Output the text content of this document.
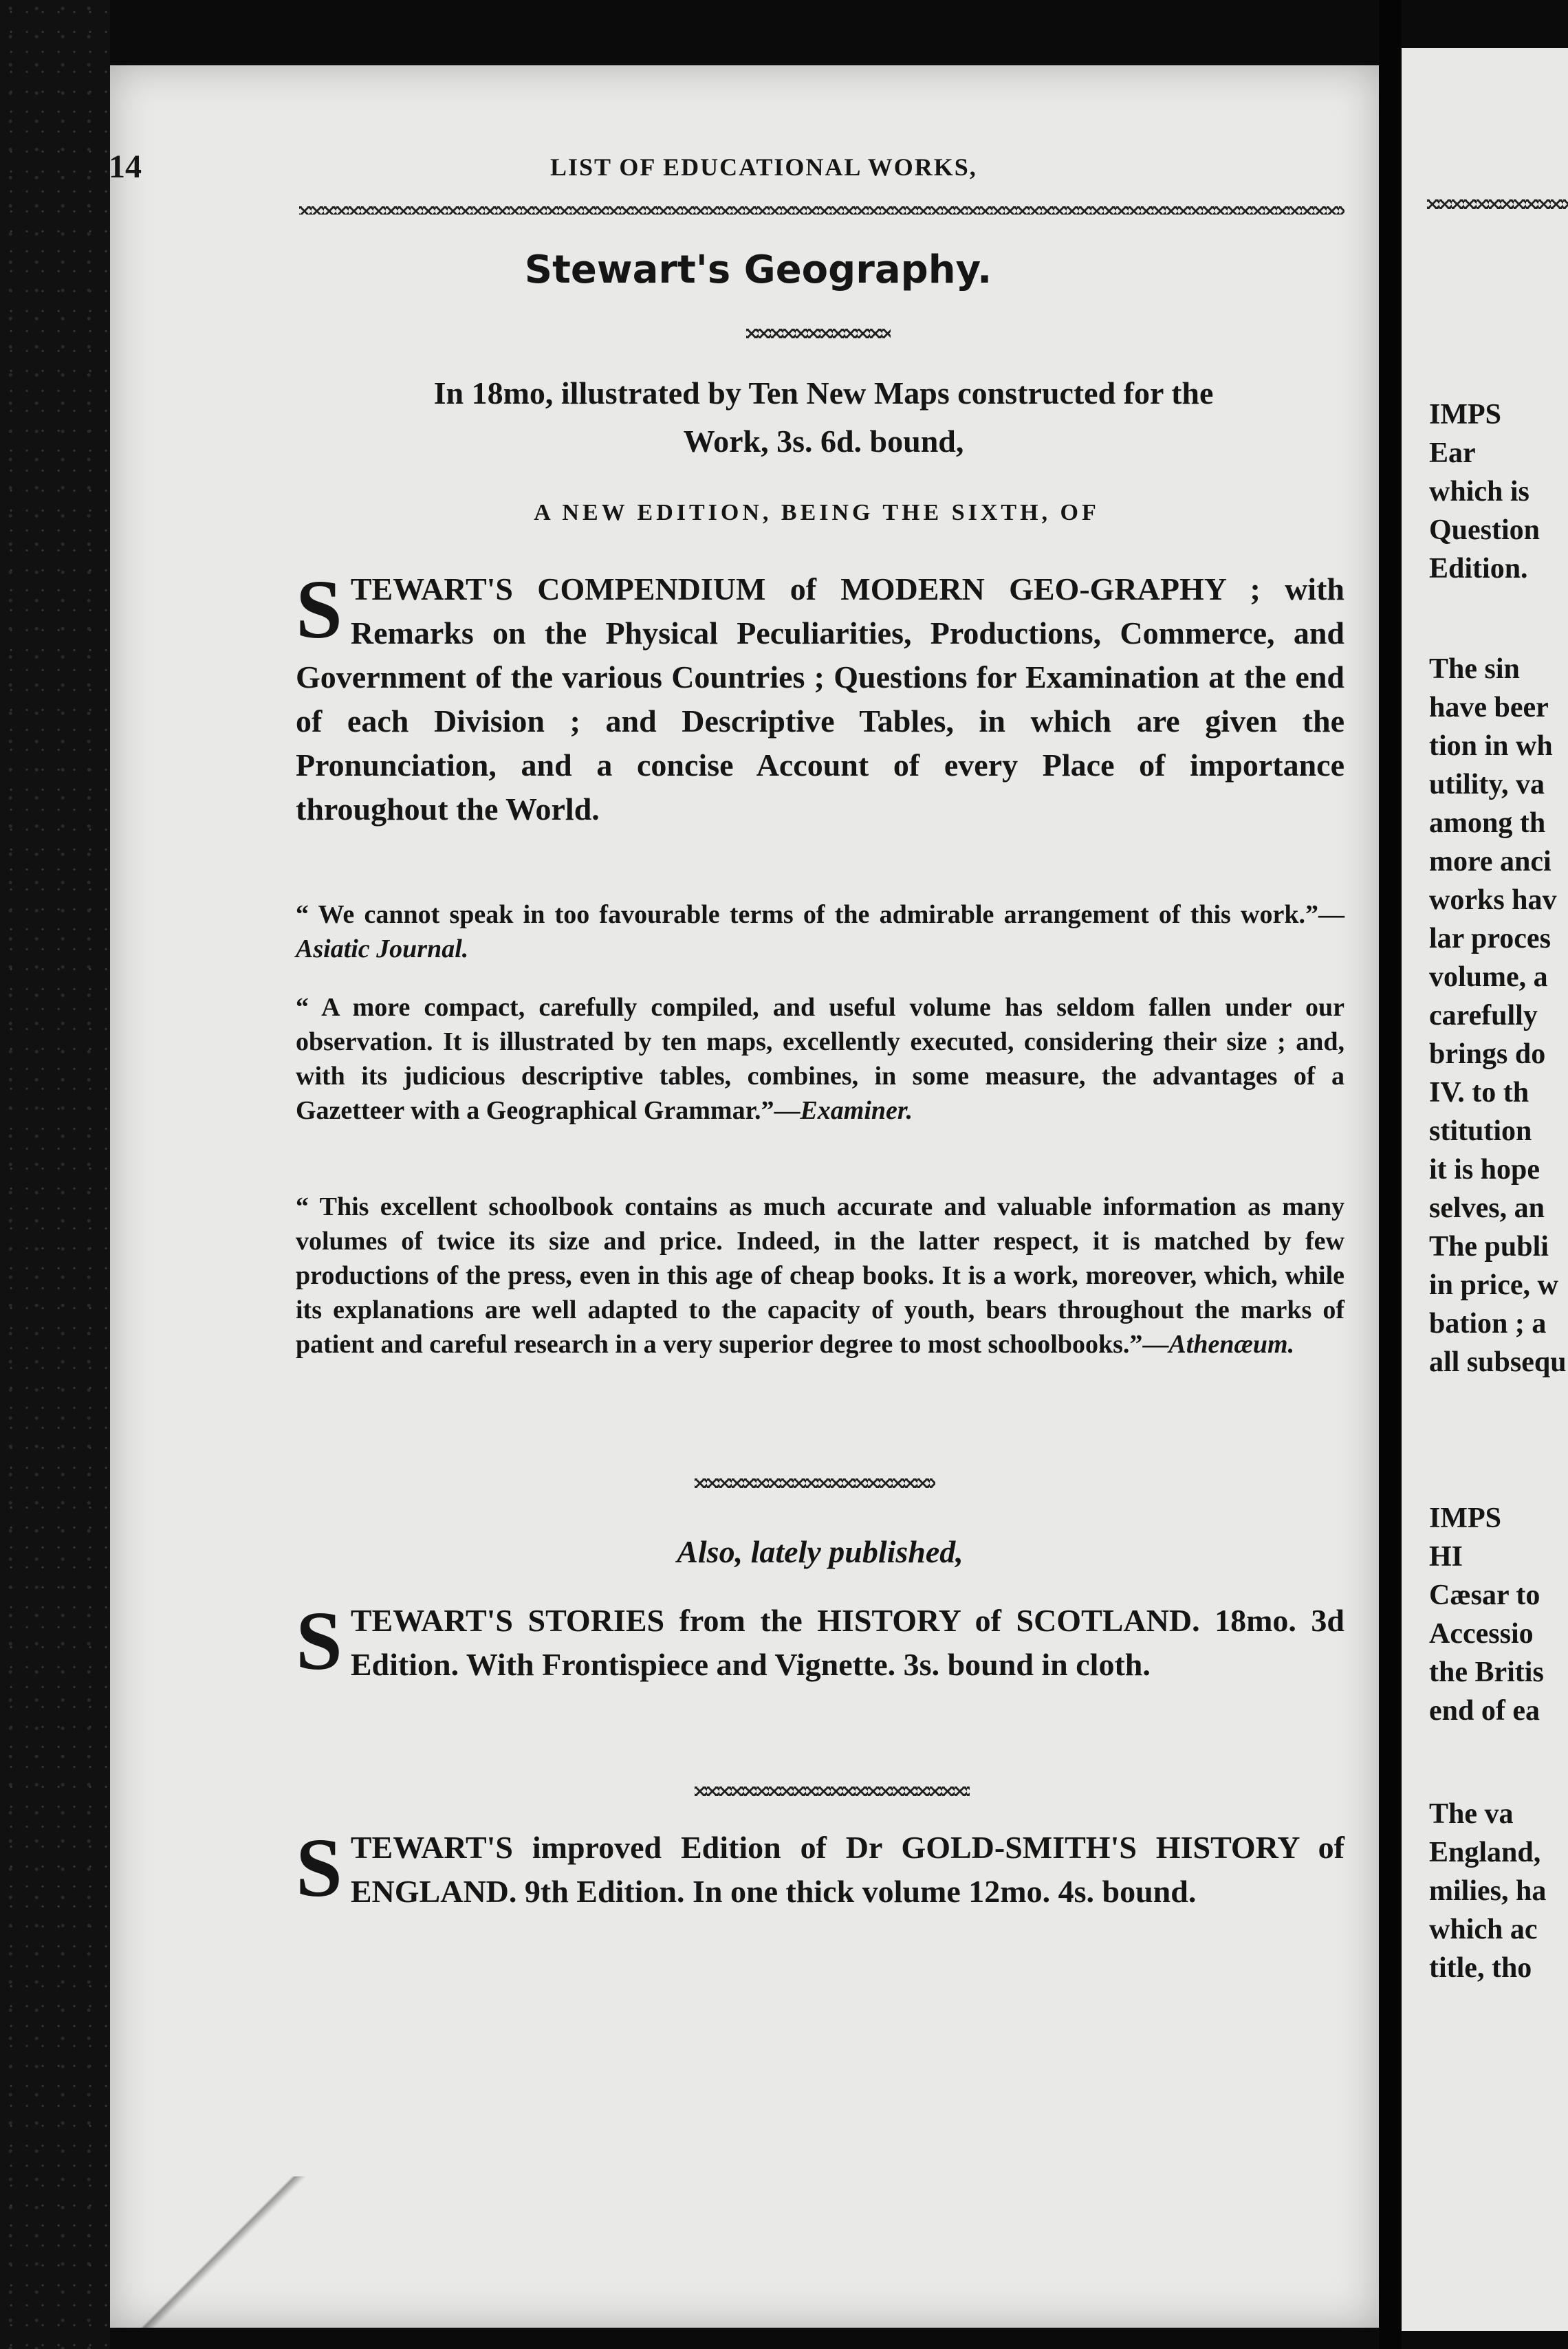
14	LIST OF EDUCATIONAL WORKS,
Stewart's Geography.
In 18mo, illustrated by Ten New Maps constructed for the
Work, 3s. 6d. bound,
A NEW EDITION, BEING THE SIXTH, OF
STEWART'S COMPENDIUM of MODERN GEO-GRAPHY ; with Remarks on the Physical Peculiarities, Productions, Commerce, and Government of the various Countries ; Questions for Examination at the end of each Division ; and Descriptive Tables, in which are given the Pronunciation, and a concise Account of every Place of importance throughout the World.
“ We cannot speak in too favourable terms of the admirable arrangement of this work.”—Asiatic Journal.
“ A more compact, carefully compiled, and useful volume has seldom fallen under our observation. It is illustrated by ten maps, excellently executed, considering their size ; and, with its judicious descriptive tables, combines, in some measure, the advantages of a Gazetteer with a Geographical Grammar.”—Examiner.
“ This excellent schoolbook contains as much accurate and valuable information as many volumes of twice its size and price. Indeed, in the latter respect, it is matched by few productions of the press, even in this age of cheap books. It is a work, moreover, which, while its explanations are well adapted to the capacity of youth, bears throughout the marks of patient and careful research in a very superior degree to most schoolbooks.”—Athenæum.
Also, lately published,
STEWART'S STORIES from the HISTORY of SCOTLAND. 18mo. 3d Edition. With Frontispiece and Vignette. 3s. bound in cloth.
STEWART'S improved Edition of Dr GOLD-SMITH'S HISTORY of ENGLAND. 9th Edition. In one thick volume 12mo. 4s. bound.
IMPS
Ear
which is
Question
Edition.
The sin
have beer
tion in wh
utility, va
among th
more anci
works hav
lar proces
volume, a
carefully
brings do
IV. to th
stitution
it is hope
selves, an
The publi
in price, w
bation ; a
all subsequ
IMPS
HI
Cæsar to
Accessio
the Britis
end of ea
The va
England,
milies, ha
which ac
title, tho
